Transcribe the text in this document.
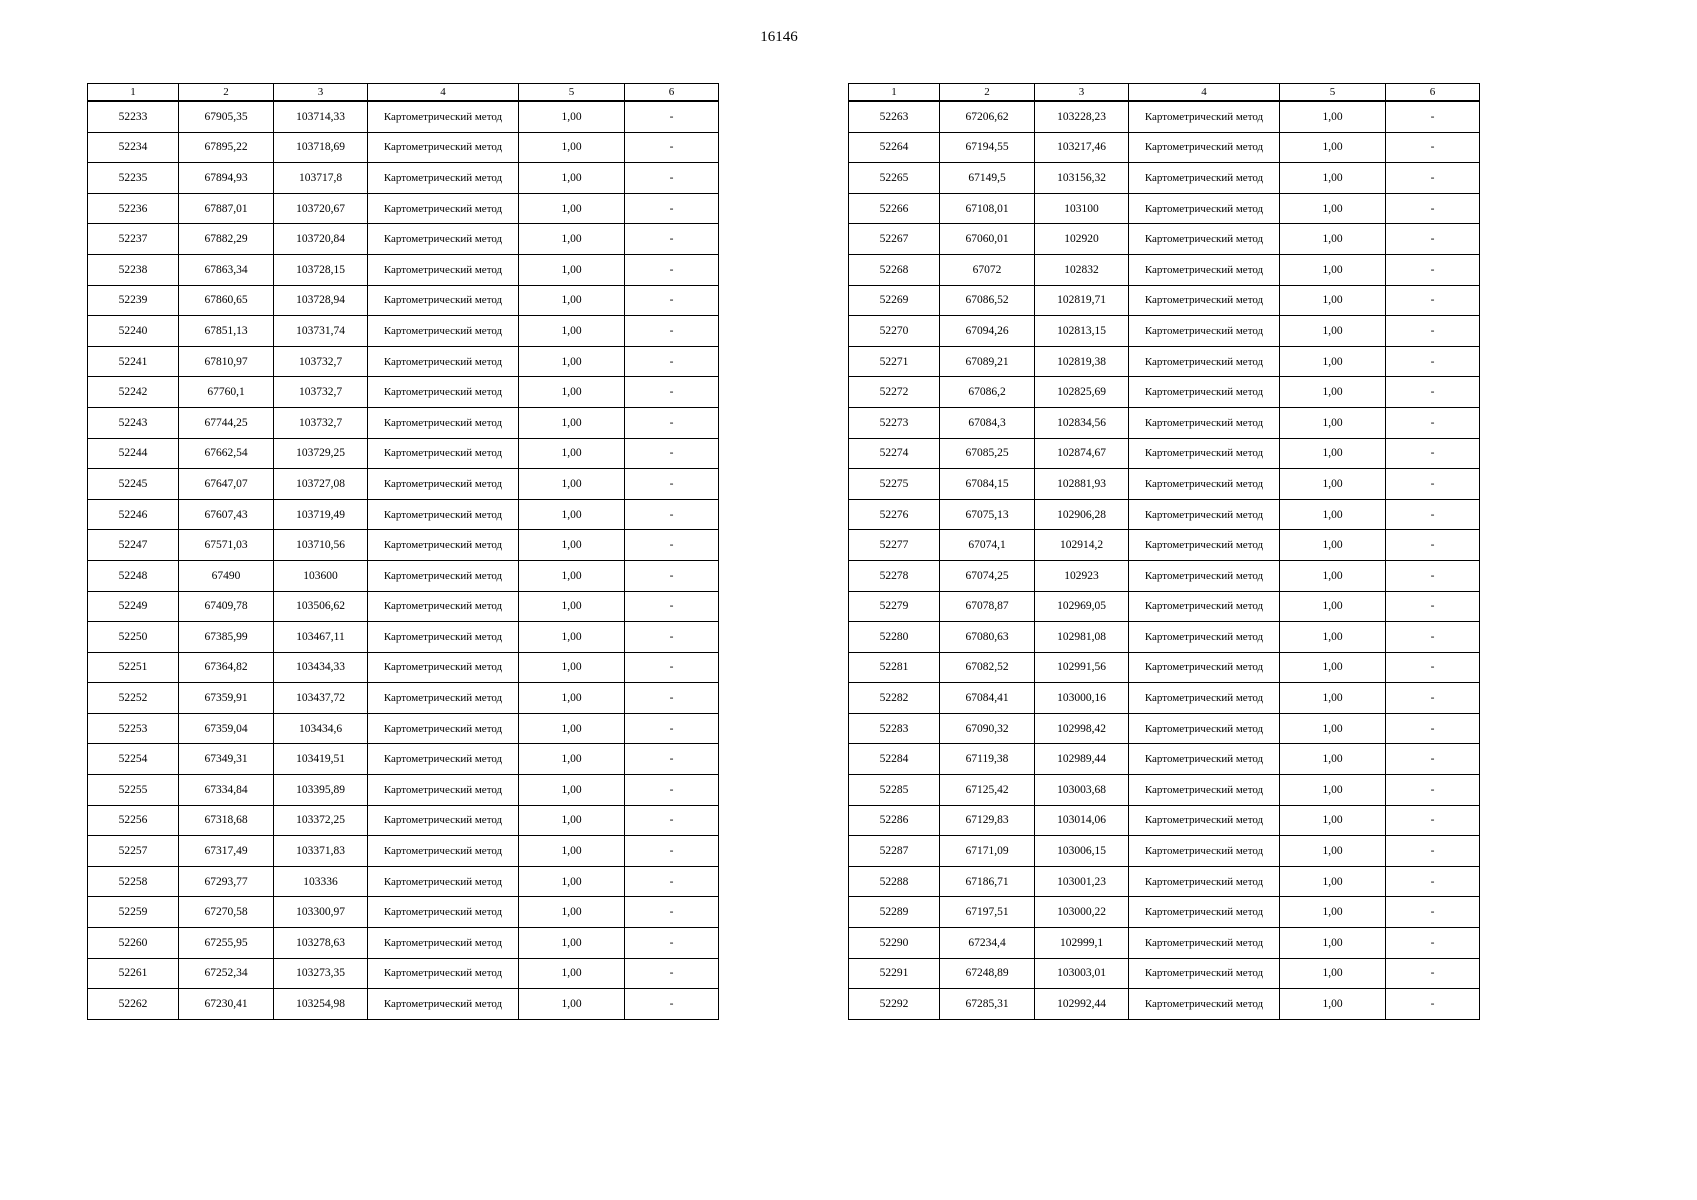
16146
1	2	3	4	5	6
52233	67905,35	103714,33	Картометрический метод	1,00	-
52234	67895,22	103718,69	Картометрический метод	1,00	-
52235	67894,93	103717,8	Картометрический метод	1,00	-
52236	67887,01	103720,67	Картометрический метод	1,00	-
52237	67882,29	103720,84	Картометрический метод	1,00	-
52238	67863,34	103728,15	Картометрический метод	1,00	-
52239	67860,65	103728,94	Картометрический метод	1,00	-
52240	67851,13	103731,74	Картометрический метод	1,00	-
52241	67810,97	103732,7	Картометрический метод	1,00	-
52242	67760,1	103732,7	Картометрический метод	1,00	-
52243	67744,25	103732,7	Картометрический метод	1,00	-
52244	67662,54	103729,25	Картометрический метод	1,00	-
52245	67647,07	103727,08	Картометрический метод	1,00	-
52246	67607,43	103719,49	Картометрический метод	1,00	-
52247	67571,03	103710,56	Картометрический метод	1,00	-
52248	67490	103600	Картометрический метод	1,00	-
52249	67409,78	103506,62	Картометрический метод	1,00	-
52250	67385,99	103467,11	Картометрический метод	1,00	-
52251	67364,82	103434,33	Картометрический метод	1,00	-
52252	67359,91	103437,72	Картометрический метод	1,00	-
52253	67359,04	103434,6	Картометрический метод	1,00	-
52254	67349,31	103419,51	Картометрический метод	1,00	-
52255	67334,84	103395,89	Картометрический метод	1,00	-
52256	67318,68	103372,25	Картометрический метод	1,00	-
52257	67317,49	103371,83	Картометрический метод	1,00	-
52258	67293,77	103336	Картометрический метод	1,00	-
52259	67270,58	103300,97	Картометрический метод	1,00	-
52260	67255,95	103278,63	Картометрический метод	1,00	-
52261	67252,34	103273,35	Картометрический метод	1,00	-
52262	67230,41	103254,98	Картометрический метод	1,00	-
1	2	3	4	5	6
52263	67206,62	103228,23	Картометрический метод	1,00	-
52264	67194,55	103217,46	Картометрический метод	1,00	-
52265	67149,5	103156,32	Картометрический метод	1,00	-
52266	67108,01	103100	Картометрический метод	1,00	-
52267	67060,01	102920	Картометрический метод	1,00	-
52268	67072	102832	Картометрический метод	1,00	-
52269	67086,52	102819,71	Картометрический метод	1,00	-
52270	67094,26	102813,15	Картометрический метод	1,00	-
52271	67089,21	102819,38	Картометрический метод	1,00	-
52272	67086,2	102825,69	Картометрический метод	1,00	-
52273	67084,3	102834,56	Картометрический метод	1,00	-
52274	67085,25	102874,67	Картометрический метод	1,00	-
52275	67084,15	102881,93	Картометрический метод	1,00	-
52276	67075,13	102906,28	Картометрический метод	1,00	-
52277	67074,1	102914,2	Картометрический метод	1,00	-
52278	67074,25	102923	Картометрический метод	1,00	-
52279	67078,87	102969,05	Картометрический метод	1,00	-
52280	67080,63	102981,08	Картометрический метод	1,00	-
52281	67082,52	102991,56	Картометрический метод	1,00	-
52282	67084,41	103000,16	Картометрический метод	1,00	-
52283	67090,32	102998,42	Картометрический метод	1,00	-
52284	67119,38	102989,44	Картометрический метод	1,00	-
52285	67125,42	103003,68	Картометрический метод	1,00	-
52286	67129,83	103014,06	Картометрический метод	1,00	-
52287	67171,09	103006,15	Картометрический метод	1,00	-
52288	67186,71	103001,23	Картометрический метод	1,00	-
52289	67197,51	103000,22	Картометрический метод	1,00	-
52290	67234,4	102999,1	Картометрический метод	1,00	-
52291	67248,89	103003,01	Картометрический метод	1,00	-
52292	67285,31	102992,44	Картометрический метод	1,00	-
